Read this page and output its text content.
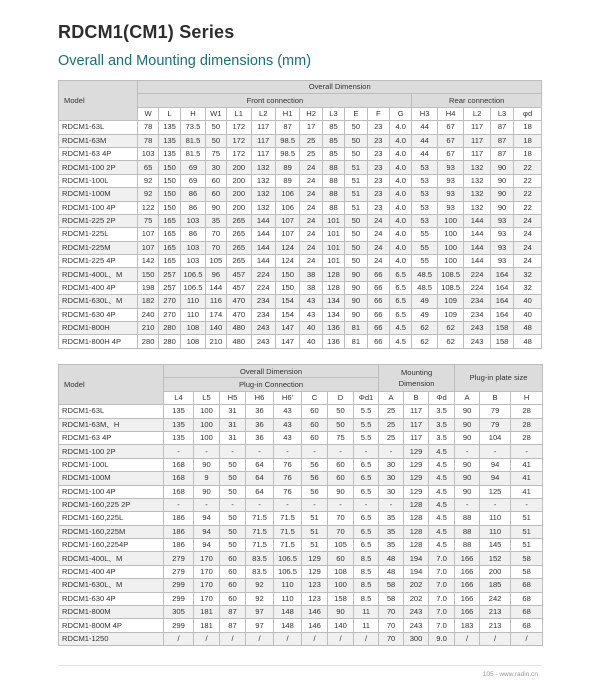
RDCM1(CM1) Series
Overall and Mounting dimensions (mm)
Model	Overall Dimension																
	Front connection												Rear connection				
	W	L	H	W1	L1	L2	H1	H2	L3	E	F	G	H3	H4	L2	L3	φd
RDCM1-63L	78	135	73.5	50	172	117	87	17	85	50	23	4.0	44	67	117	87	18
RDCM1-63M	78	135	81.5	50	172	117	98.5	25	85	50	23	4.0	44	67	117	87	18
RDCM1-63 4P	103	135	81.5	75	172	117	98.5	25	85	50	23	4.0	44	67	117	87	18
RDCM1-100 2P	65	150	69	30	200	132	89	24	88	51	23	4.0	53	93	132	90	22
RDCM1-100L	92	150	69	60	200	132	89	24	88	51	23	4.0	53	93	132	90	22
RDCM1-100M	92	150	86	60	200	132	106	24	88	51	23	4.0	53	93	132	90	22
RDCM1-100 4P	122	150	86	90	200	132	106	24	88	51	23	4.0	53	93	132	90	22
RDCM1-225 2P	75	165	103	35	265	144	107	24	101	50	24	4.0	53	100	144	93	24
RDCM1-225L	107	165	86	70	265	144	107	24	101	50	24	4.0	55	100	144	93	24
RDCM1-225M	107	165	103	70	265	144	124	24	101	50	24	4.0	55	100	144	93	24
RDCM1-225 4P	142	165	103	105	265	144	124	24	101	50	24	4.0	55	100	144	93	24
RDCM1-400L、M	150	257	106.5	96	457	224	150	38	128	90	66	6.5	48.5	108.5	224	164	32
RDCM1-400 4P	198	257	106.5	144	457	224	150	38	128	90	66	6.5	48.5	108.5	224	164	32
RDCM1-630L、M	182	270	110	116	470	234	154	43	134	90	66	6.5	49	109	234	164	40
RDCM1-630 4P	240	270	110	174	470	234	154	43	134	90	66	6.5	49	109	234	164	40
RDCM1-800H	210	280	108	140	480	243	147	40	136	81	66	4.5	62	62	243	158	48
RDCM1-800H 4P	280	280	108	210	480	243	147	40	136	81	66	4.5	62	62	243	158	48
Model	Overall Dimension								Mounting
Dimension			Plug-in plate size		
	Plug-in Connection													
	L4	L5	H5	H6	H6'	C	D	Φd1	A	B	Φd	A	B	H
RDCM1-63L	135	100	31	36	43	60	50	5.5	25	117	3.5	90	79	28
RDCM1-63M、H	135	100	31	36	43	60	50	5.5	25	117	3.5	90	79	28
RDCM1-63 4P	135	100	31	36	43	60	75	5.5	25	117	3.5	90	104	28
RDCM1-100 2P	-	-	-	-	-	-	-	-	-	129	4.5	-	-	-
RDCM1-100L	168	90	50	64	76	56	60	6.5	30	129	4.5	90	94	41
RDCM1-100M	168	9	50	64	76	56	60	6.5	30	129	4.5	90	94	41
RDCM1-100 4P	168	90	50	64	76	56	90	6.5	30	129	4.5	90	125	41
RDCM1-160,225 2P	-	-	-	-	-	-	-	-	-	128	4.5	-	-	-
RDCM1-160,225L	186	94	50	71.5	71.5	51	70	6.5	35	128	4.5	88	110	51
RDCM1-160,225M	186	94	50	71.5	71.5	51	70	6.5	35	128	4.5	88	110	51
RDCM1-160,2254P	186	94	50	71.5	71.5	51	105	6.5	35	128	4.5	88	145	51
RDCM1-400L、M	279	170	60	83.5	106.5	129	60	8.5	48	194	7.0	166	152	58
RDCM1-400 4P	279	170	60	83.5	106.5	129	108	8.5	48	194	7.0	166	200	58
RDCM1-630L、M	299	170	60	92	110	123	100	8.5	58	202	7.0	166	185	68
RDCM1-630 4P	299	170	60	92	110	123	158	8.5	58	202	7.0	166	242	68
RDCM1-800M	305	181	87	97	148	146	90	11	70	243	7.0	166	213	68
RDCM1-800M 4P	299	181	87	97	148	146	140	11	70	243	7.0	183	213	68
RDCM1-1250	/	/	/	/	/	/	/	/	70	300	9.0	/	/	/
105 - www.radin.cn
